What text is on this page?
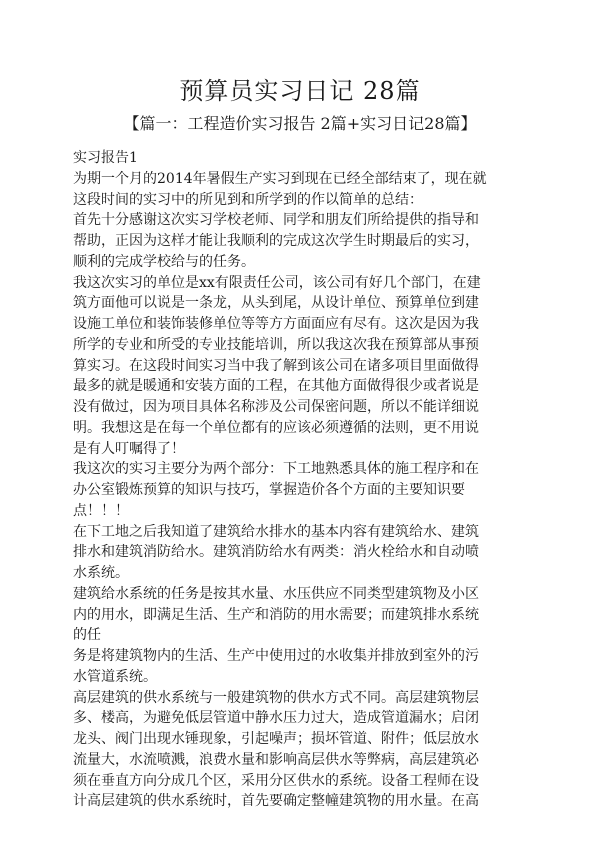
预算员实习日记 28篇
【篇一：工程造价实习报告 2篇+实习日记28篇】
实习报告1
为期一个月的2014年暑假生产实习到现在已经全部结束了，现在就
这段时间的实习中的所见到和所学到的作以简单的总结：
首先十分感谢这次实习学校老师、同学和朋友们所给提供的指导和
帮助，正因为这样才能让我顺利的完成这次学生时期最后的实习，
顺利的完成学校给与的任务。
我这次实习的单位是xx有限责任公司，该公司有好几个部门，在建
筑方面他可以说是一条龙，从头到尾，从设计单位、预算单位到建
设施工单位和装饰装修单位等等方方面面应有尽有。这次是因为我
所学的专业和所受的专业技能培训，所以我这次我在预算部从事预
算实习。在这段时间实习当中我了解到该公司在诸多项目里面做得
最多的就是暖通和安装方面的工程，在其他方面做得很少或者说是
没有做过，因为项目具体名称涉及公司保密问题，所以不能详细说
明。我想这是在每一个单位都有的应该必须遵循的法则，更不用说
是有人叮嘱得了！
我这次的实习主要分为两个部分：下工地熟悉具体的施工程序和在
办公室锻炼预算的知识与技巧，掌握造价各个方面的主要知识要
点！！！
在下工地之后我知道了建筑给水排水的基本内容有建筑给水、建筑
排水和建筑消防给水。建筑消防给水有两类：消火栓给水和自动喷
水系统。
建筑给水系统的任务是按其水量、水压供应不同类型建筑物及小区
内的用水，即满足生活、生产和消防的用水需要；而建筑排水系统
的任
务是将建筑物内的生活、生产中使用过的水收集并排放到室外的污
水管道系统。
高层建筑的供水系统与一般建筑物的供水方式不同。高层建筑物层
多、楼高，为避免低层管道中静水压力过大，造成管道漏水；启闭
龙头、阀门出现水锤现象，引起噪声；损坏管道、附件；低层放水
流量大，水流喷溅，浪费水量和影响高层供水等弊病，高层建筑必
须在垂直方向分成几个区，采用分区供水的系统。设备工程师在设
计高层建筑的供水系统时，首先要确定整幢建筑物的用水量。在高
